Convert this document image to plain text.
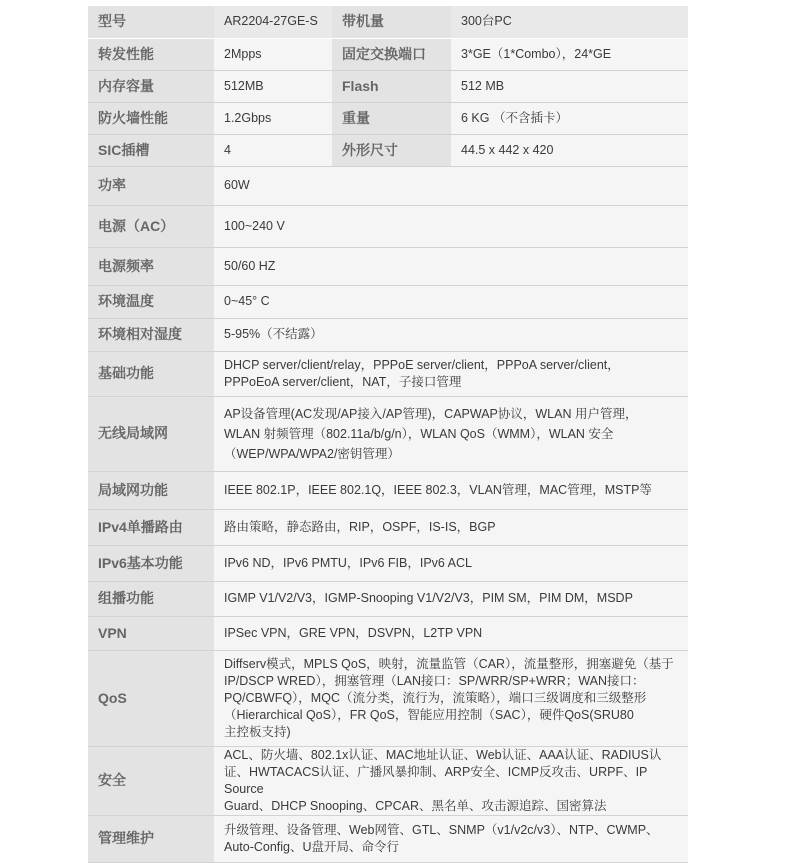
型号	AR2204-27GE-S	带机量	300台PC
转发性能	2Mpps	固定交换端口	3*GE（1*Combo），24*GE
内存容量	512MB	Flash	512 MB
防火墙性能	1.2Gbps	重量	6 KG （不含插卡）
SIC插槽	4	外形尺寸	44.5 x 442 x 420
功率	60W		
电源（AC）	100~240 V		
电源频率	50/60 HZ		
环境温度	0~45° C		
环境相对湿度	5-95%（不结露）		
基础功能	DHCP server/client/relay，PPPoE server/client，PPPoA server/client，
PPPoEoA server/client，NAT，子接口管理		

无线局域网	AP设备管理(AC发现/AP接入/AP管理)，CAPWAP协议，WLAN 用户管理，
WLAN 射频管理（802.11a/b/g/n），WLAN QoS（WMM），WLAN 安全
（WEP/WPA/WPA2/密钥管理）		

局域网功能	IEEE 802.1P，IEEE 802.1Q，IEEE 802.3，VLAN管理，MAC管理，MSTP等		
IPv4单播路由	路由策略，静态路由，RIP，OSPF，IS-IS，BGP		
IPv6基本功能	IPv6 ND，IPv6 PMTU，IPv6 FIB，IPv6 ACL		
组播功能	IGMP V1/V2/V3，IGMP-Snooping V1/V2/V3，PIM SM，PIM DM，MSDP		
VPN	IPSec VPN，GRE VPN，DSVPN，L2TP VPN		
QoS	Diffserv模式，MPLS QoS，映射，流量监管（CAR），流量整形，拥塞避免（基于
IP/DSCP WRED），拥塞管理（LAN接口：SP/WRR/SP+WRR；WAN接口：
PQ/CBWFQ），MQC（流分类，流行为，流策略），端口三级调度和三级整形
（Hierarchical QoS），FR QoS，智能应用控制（SAC），硬件QoS(SRU80
主控板支持)		

安全	ACL、防火墙、802.1x认证、MAC地址认证、Web认证、AAA认证、RADIUS认
证、HWTACACS认证、广播风暴抑制、ARP安全、ICMP反攻击、URPF、IP Source
Guard、DHCP Snooping、CPCAR、黑名单、攻击源追踪、国密算法		

管理维护	升级管理、设备管理、Web网管、GTL、SNMP（v1/v2c/v3）、NTP、CWMP、
Auto-Config、U盘开局、命令行		
